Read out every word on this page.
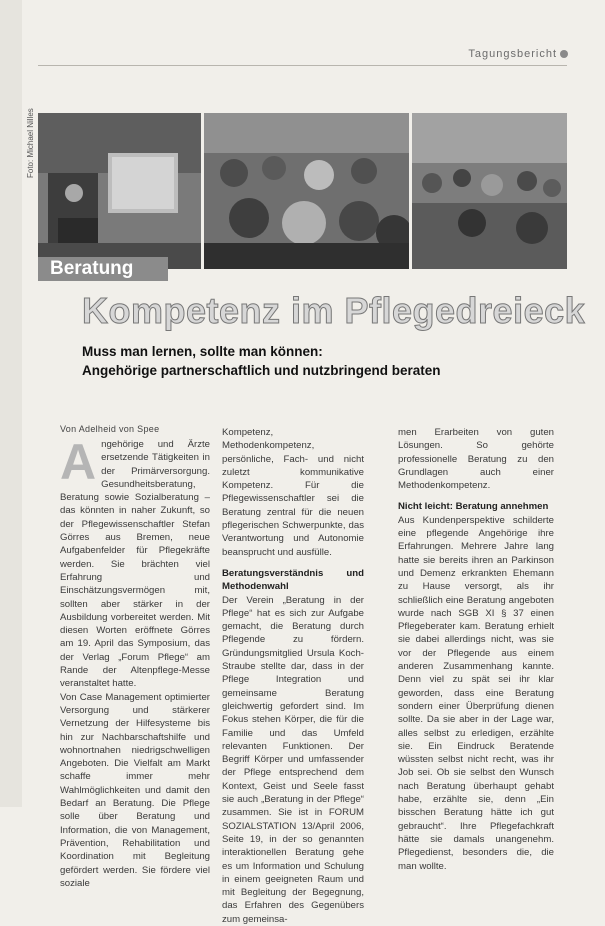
Tagungsbericht
Foto: Michael Nilles
Beratung
Kompetenz im Pflegedreieck
Muss man lernen, sollte man können:
Angehörige partnerschaftlich und nutzbringend beraten
Von Adelheid von Spee
A ngehörige und Ärzte ersetzende Tätigkeiten in der Primärversorgung. Gesundheitsberatung, Beratung sowie Sozialberatung – das könnten in naher Zukunft, so der Pflegewissenschaftler Stefan Görres aus Bremen, neue Aufgabenfelder für Pflegekräfte werden. Sie brächten viel Erfahrung und Einschätzungsvermögen mit, sollten aber stärker in der Ausbildung vorbereitet werden. Mit diesen Worten eröffnete Görres am 19. April das Symposium, das der Verlag „Forum Pflege“ am Rande der Altenpflege-Messe veranstaltet hatte.

Von Case Management optimierter Versorgung und stärkerer Vernetzung der Hilfesysteme bis hin zur Nachbarschaftshilfe und wohnortnahen niedrigschwelligen Angeboten. Die Vielfalt am Markt schaffe immer mehr Wahlmöglichkeiten und damit den Bedarf an Beratung. Die Pflege solle über Beratung und Information, die von Management, Prävention, Rehabilitation und Koordination mit Begleitung gefördert werden. Sie fördere viel soziale

Kompetenz, Methodenkompetenz, persönliche, Fach- und nicht zuletzt kommunikative Kompetenz. Für die Pflegewissenschaftler sei die Beratung zentral für die neuen pflegerischen Schwerpunkte, das Verantwortung und Autonomie beansprucht und ausfülle.

Beratungsverständnis und Methodenwahl

Der Verein „Beratung in der Pflege“ hat es sich zur Aufgabe gemacht, die Beratung durch Pflegende zu fördern. Gründungsmitglied Ursula Koch-Straube stellte dar, dass in der Pflege Integration und gemeinsame Beratung gleichwertig gefordert sind. Im Fokus stehen Körper, die für die Familie und das Umfeld relevanten Funktionen. Der Begriff Körper und umfassender der Pflege entsprechend dem Kontext, Geist und Seele fasst sie auch „Beratung in der Pflege“ zusammen. Sie ist in FORUM SOZIALSTATION 13/April 2006, Seite 19, in der so genannten interaktionellen Beratung gehe es um Information und Schulung in einem geeigneten Raum und mit Begleitung der Begegnung, das Erfahren des Gegenübers zum gemeinsa-

men Erarbeiten von guten Lösungen. So gehörte professionelle Beratung zu den Grundlagen auch einer Methodenkompetenz.

Nicht leicht: Beratung annehmen

Aus Kundenperspektive schilderte eine pflegende Angehörige ihre Erfahrungen. Mehrere Jahre lang hatte sie bereits ihren an Parkinson und Demenz erkrankten Ehemann zu Hause versorgt, als ihr schließlich eine Beratung angeboten wurde nach SGB XI § 37 einen Pflegeberater kam. Beratung erhielt sie dabei allerdings nicht, was sie vor der Pflegende aus einem anderen Zusammenhang kannte. Denn viel zu spät sei ihr klar geworden, dass eine Beratung sondern einer Überprüfung dienen sollte. Da sie aber in der Lage war, alles selbst zu erledigen, erzählte sie. Ein Eindruck Beratende wüssten selbst nicht recht, was ihr Job sei. Ob sie selbst den Wunsch nach Beratung überhaupt gehabt habe, erzählte sie, denn „Ein bisschen Beratung hätte ich gut gebraucht“. Ihre Pflegefachkraft hätte sie damals unangenehm. Pflegedienst, besonders die, die man wollte.
